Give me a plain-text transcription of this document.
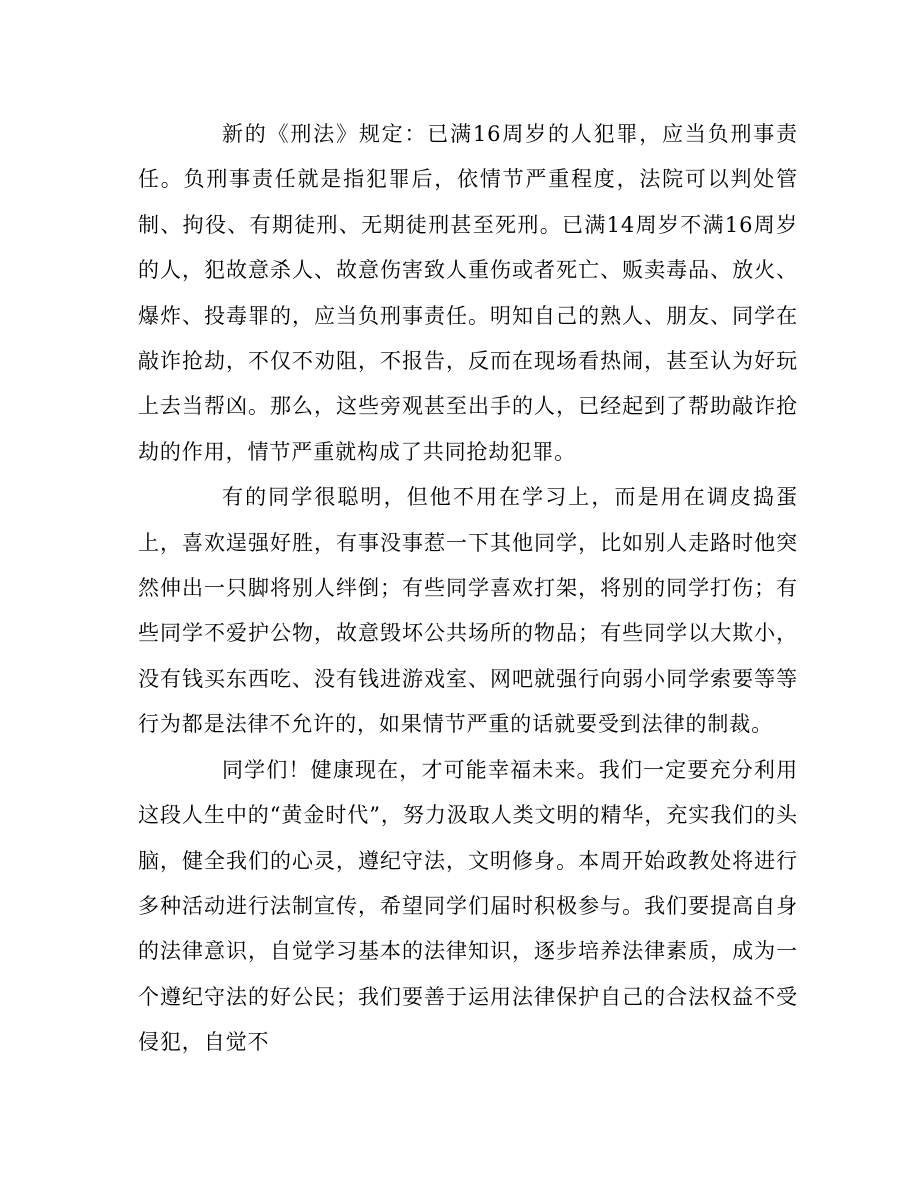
新的《刑法》规定：已满16周岁的人犯罪，应当负刑事责任。负刑事责任就是指犯罪后，依情节严重程度，法院可以判处管制、拘役、有期徒刑、无期徒刑甚至死刑。已满14周岁不满16周岁的人，犯故意杀人、故意伤害致人重伤或者死亡、贩卖毒品、放火、爆炸、投毒罪的，应当负刑事责任。明知自己的熟人、朋友、同学在敲诈抢劫，不仅不劝阻，不报告，反而在现场看热闹，甚至认为好玩上去当帮凶。那么，这些旁观甚至出手的人，已经起到了帮助敲诈抢劫的作用，情节严重就构成了共同抢劫犯罪。

有的同学很聪明，但他不用在学习上，而是用在调皮捣蛋上，喜欢逞强好胜，有事没事惹一下其他同学，比如别人走路时他突然伸出一只脚将别人绊倒；有些同学喜欢打架，将别的同学打伤；有些同学不爱护公物，故意毁坏公共场所的物品；有些同学以大欺小，没有钱买东西吃、没有钱进游戏室、网吧就强行向弱小同学索要等等行为都是法律不允许的，如果情节严重的话就要受到法律的制裁。

同学们！健康现在，才可能幸福未来。我们一定要充分利用这段人生中的“黄金时代”，努力汲取人类文明的精华，充实我们的头脑，健全我们的心灵，遵纪守法，文明修身。本周开始政教处将进行多种活动进行法制宣传，希望同学们届时积极参与。我们要提高自身的法律意识，自觉学习基本的法律知识，逐步培养法律素质，成为一个遵纪守法的好公民；我们要善于运用法律保护自己的合法权益不受侵犯，自觉不
